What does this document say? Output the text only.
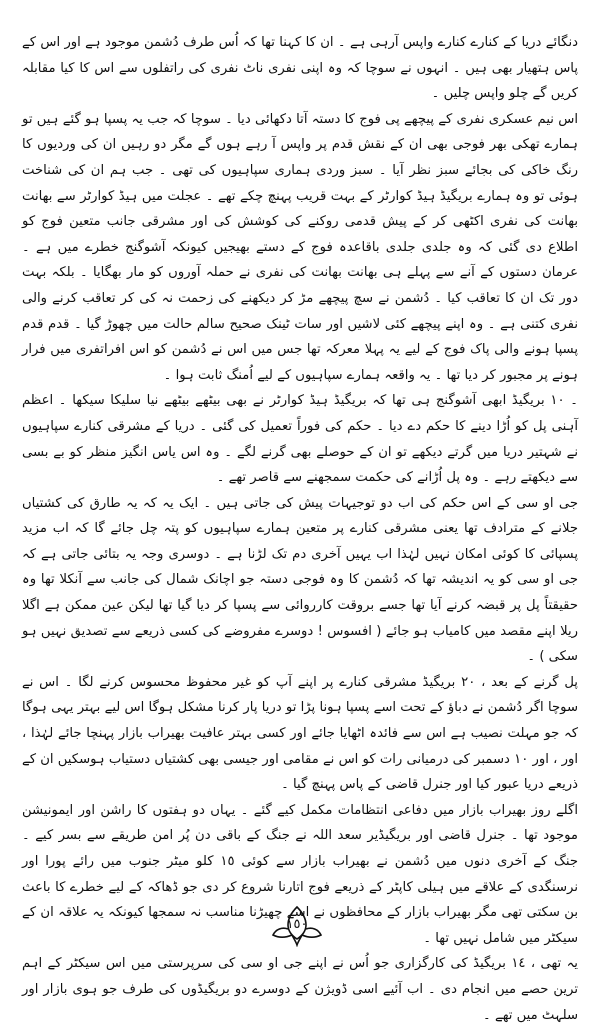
دنگائے دریا کے کنارے کنارے واپس آرہی ہے ۔ ان کا کہنا تھا کہ اُس طرف دُشمن موجود ہے اور اس کے پاس ہتھیار بھی ہیں ۔ انہوں نے سوچا کہ وہ اپنی نفری ناٹ نفری کی راتفلوں سے اس کا کیا مقابلہ کریں گے چلو واپس چلیں ۔

اس نیم عسکری نفری کے پیچھے پی فوج کا دستہ آتا دکھائی دیا ۔ سوچا کہ جب یہ پسپا ہو گئے ہیں تو ہمارے تھکی بھر فوجی بھی ان کے نقش قدم پر واپس آ رہے ہوں گے مگر دو رہیں ان کی وردیوں کا رنگ خاکی کی بجائے سبز نظر آیا ۔ سبز وردی ہماری سپاہیوں کی تھی ۔ جب ہم ان کی شناخت ہوئی تو وہ ہمارے بریگیڈ ہیڈ کوارٹر کے بہت قریب پہنچ چکے تھے ۔ عجلت میں ہیڈ کوارٹر سے بھانت بھانت کی نفری اکٹھی کر کے پیش قدمی روکنے کی کوشش کی اور مشرقی جانب متعین فوج کو اطلاع دی گئی کہ وہ جلدی جلدی باقاعدہ فوج کے دستے بھیجیں کیونکہ آشوگنج خطرے میں ہے ۔ عرمان دستوں کے آنے سے پہلے ہی بھانت بھانت کی نفری نے حملہ آوروں کو مار بھگایا ۔ بلکہ بہت دور تک ان کا تعاقب کیا ۔ دُشمن نے سچ پیچھے مڑ کر دیکھنے کی زحمت نہ کی کر تعاقب کرنے والی نفری کتنی ہے ۔ وہ اپنے پیچھے کئی لاشیں اور سات ٹینک صحیح سالم حالت میں چھوڑ گیا ۔ قدم قدم پسپا ہونے والی پاک فوج کے لیے یہ پہلا معرکہ تھا جس میں اس نے دُشمن کو اس افراتفری میں فرار ہونے پر مجبور کر دیا تھا ۔ یہ واقعہ ہمارے سپاہیوں کے لیے اُمنگ ثابت ہوا ۔

۔ ١٠ بریگیڈ ابھی آشوگنج ہی تھا کہ بریگیڈ ہیڈ کوارٹر نے بھی بیٹھے بیٹھے نیا سلیکا سیکھا ۔ اعظم آہنی پل کو اُڑا دینے کا حکم دے دیا ۔ حکم کی فوراً تعمیل کی گئی ۔ دریا کے مشرقی کنارے سپاہیوں نے شہتیر دریا میں گرتے دیکھے تو ان کے حوصلے بھی گرنے لگے ۔ وہ اس یاس انگیز منظر کو بے بسی سے دیکھتے رہے ۔ وہ پل اُڑانے کی حکمت سمجھنے سے قاصر تھے ۔

جی او سی کے اس حکم کی اب دو توجیہات پیش کی جاتی ہیں ۔ ایک یہ کہ یہ طارق کی کشتیاں جلانے کے مترادف تھا یعنی مشرقی کنارے پر متعین ہمارے سپاہیوں کو پتہ چل جائے گا کہ اب مزید پسپائی کا کوئی امکان نہیں لہٰذا اب یہیں آخری دم تک لڑنا ہے ۔ دوسری وجہ یہ بتائی جاتی ہے کہ جی او سی کو یہ اندیشہ تھا کہ دُشمن کا وہ فوجی دستہ جو اچانک شمال کی جانب سے آنکلا تھا وہ حقیقتاً پل پر قبضہ کرنے آیا تھا جسے بروقت کارروائی سے پسپا کر دیا گیا تھا لیکن عین ممکن ہے اگلا ریلا اپنے مقصد میں کامیاب ہو جائے ( افسوس ! دوسرے مفروضے کی کسی ذریعے سے تصدیق نہیں ہو سکی ) ۔

پل گرنے کے بعد ، ٢٠ بریگیڈ مشرقی کنارے پر اپنے آپ کو غیر محفوظ محسوس کرنے لگا ۔ اس نے سوچا اگر دُشمن نے دباؤ کے تحت اسے پسپا ہونا پڑا تو دریا پار کرنا مشکل ہوگا اس لیے بہتر یہی ہوگا کہ جو مہلت نصیب ہے اس سے فائدہ اٹھایا جائے اور کسی بہتر عافیت بھیراب بازار پہنچا جائے لہٰذا ، اور ، اور ١٠ دسمبر کی درمیانی رات کو اس نے مقامی اور جیسی بھی کشتیاں دستیاب ہوسکیں ان کے ذریعے دریا عبور کیا اور جنرل قاضی کے پاس پہنچ گیا ۔

اگلے روز بھیراب بازار میں دفاعی انتظامات مکمل کیے گئے ۔ یہاں دو ہفتوں کا راشن اور ایمونیشن موجود تھا ۔ جنرل قاضی اور بریگیڈیر سعد اللہ نے جنگ کے باقی دن پُر امن طریقے سے بسر کیے ۔ جنگ کے آخری دنوں میں دُشمن نے بھیراب بازار سے کوئی ١٥ کلو میٹر جنوب میں رائے پورا اور نرسنگدی کے علاقے میں ہیلی کاپٹر کے ذریعے فوج اتارنا شروع کر دی جو ڈھاکہ کے لیے خطرے کا باعث بن سکتی تھی مگر بھیراب بازار کے محافظوں نے اسے چھیڑنا مناسب نہ سمجھا کیونکہ یہ علاقہ ان کے سیکٹر میں شامل نہیں تھا ۔

یہ تھی ، ١٤ بریگیڈ کی کارگزاری جو اُس نے اپنے جی او سی کی سرپرستی میں اس سیکٹر کے اہم ترین حصے میں انجام دی ۔ اب آئیے اسی ڈویژن کے دوسرے دو بریگیڈوں کی طرف جو ہوی بازار اور سلہٹ میں تھے ۔

١٥٠
